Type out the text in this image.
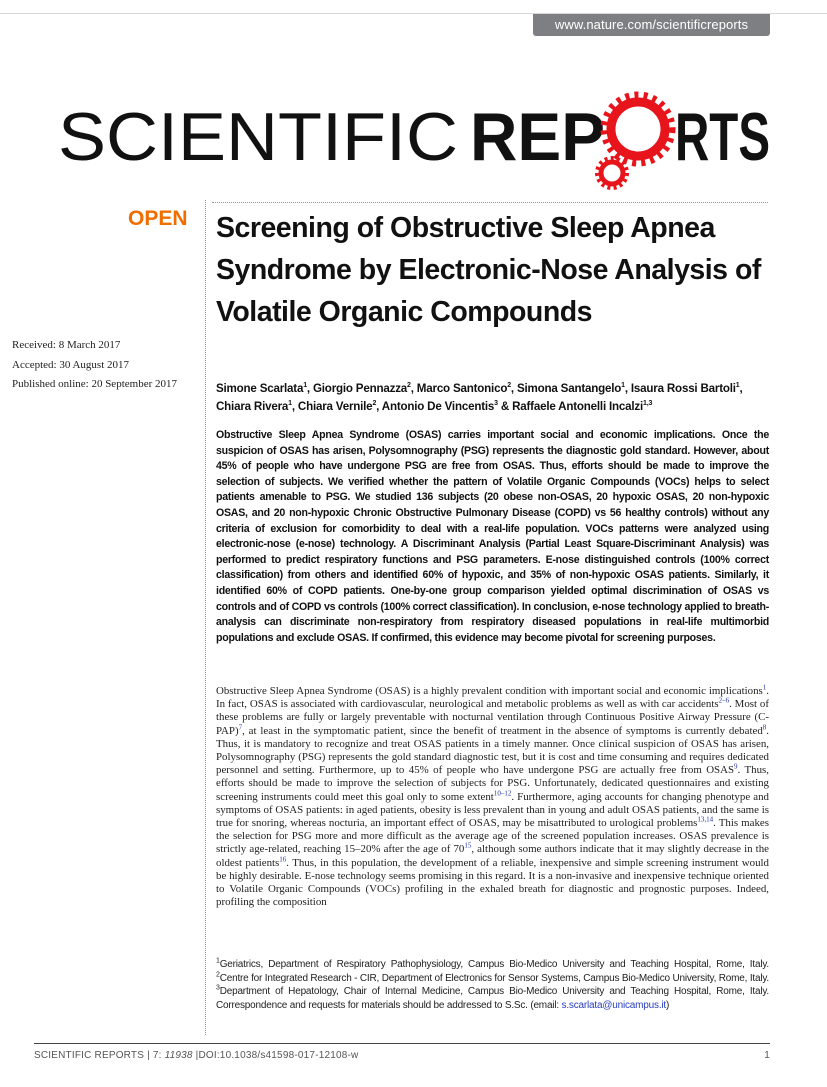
www.nature.com/scientificreports
SCIENTIFIC REP RTS
OPEN
Received: 8 March 2017
Accepted: 30 August 2017
Published online: 20 September 2017
Screening of Obstructive Sleep Apnea Syndrome by Electronic-Nose Analysis of Volatile Organic Compounds
Simone Scarlata$^1$, Giorgio Pennazza$^2$, Marco Santonico$^2$, Simona Santangelo$^1$, Isaura Rossi Bartoli$^1$, Chiara Rivera$^1$, Chiara Vernile$^2$, Antonio De Vincentis$^3$ & Raffaele Antonelli Incalzi$^{1,3}$
Obstructive Sleep Apnea Syndrome (OSAS) carries important social and economic implications. Once the suspicion of OSAS has arisen, Polysomnography (PSG) represents the diagnostic gold standard. However, about 45% of people who have undergone PSG are free from OSAS. Thus, efforts should be made to improve the selection of subjects. We verified whether the pattern of Volatile Organic Compounds (VOCs) helps to select patients amenable to PSG. We studied 136 subjects (20 obese non-OSAS, 20 hypoxic OSAS, 20 non-hypoxic OSAS, and 20 non-hypoxic Chronic Obstructive Pulmonary Disease (COPD) vs 56 healthy controls) without any criteria of exclusion for comorbidity to deal with a real-life population. VOCs patterns were analyzed using electronic-nose (e-nose) technology. A Discriminant Analysis (Partial Least Square-Discriminant Analysis) was performed to predict respiratory functions and PSG parameters. E-nose distinguished controls (100% correct classification) from others and identified 60% of hypoxic, and 35% of non-hypoxic OSAS patients. Similarly, it identified 60% of COPD patients. One-by-one group comparison yielded optimal discrimination of OSAS vs controls and of COPD vs controls (100% correct classification). In conclusion, e-nose technology applied to breath-analysis can discriminate non-respiratory from respiratory diseased populations in real-life multimorbid populations and exclude OSAS. If confirmed, this evidence may become pivotal for screening purposes.
Obstructive Sleep Apnea Syndrome (OSAS) is a highly prevalent condition with important social and economic implications$^1$. In fact, OSAS is associated with cardiovascular, neurological and metabolic problems as well as with car accidents$^{2-6}$. Most of these problems are fully or largely preventable with nocturnal ventilation through Continuous Positive Airway Pressure $(C-PAP)^7$, at least in the symptomatic patient, since the benefit of treatment in the absence of symptoms is currently debated$^8$. Thus, it is mandatory to recognize and treat OSAS patients in a timely manner. Once clinical suspicion of OSAS has arisen, Polysomnography (PSG) represents the gold standard diagnostic test, but it is cost and time consuming and requires dedicated personnel and setting. Furthermore, up to 45% of people who have undergone PSG are actually free from OSAS$^9$. Thus, efforts should be made to improve the selection of subjects for PSG. Unfortunately, dedicated questionnaires and existing screening instruments could meet this goal only to some extent$^{10-12}$. Furthermore, aging accounts for changing phenotype and symptoms of OSAS patients: in aged patients, obesity is less prevalent than in young and adult OSAS patients, and the same is true for snoring, whereas nocturia, an important effect of OSAS, may be misattributed to urological problems$^{13,14}$. This makes the selection for PSG more and more difficult as the average age of the screened population increases. OSAS prevalence is strictly age-related, reaching 15–20% after the age of $70^{15}$, although some authors indicate that it may slightly decrease in the oldest patients$^{16}$. Thus, in this population, the development of a reliable, inexpensive and simple screening instrument would be highly desirable. E-nose technology seems promising in this regard. It is a non-invasive and inexpensive technique oriented to Volatile Organic Compounds (VOCs) profiling in the exhaled breath for diagnostic and prognostic purposes. Indeed, profiling the composition
$^1$Geriatrics, Department of Respiratory Pathophysiology, Campus Bio-Medico University and Teaching Hospital, Rome, Italy. $^2$Centre for Integrated Research - CIR, Department of Electronics for Sensor Systems, Campus Bio-Medico University, Rome, Italy. $^3$Department of Hepatology, Chair of Internal Medicine, Campus Bio-Medico University and Teaching Hospital, Rome, Italy. Correspondence and requests for materials should be addressed to S.Sc. (email: s.scarlata@unicampus.it)
SCIENTIFIC REPORTS | 7: 11938 |DOI:10.1038/s41598-017-12108-w	1
